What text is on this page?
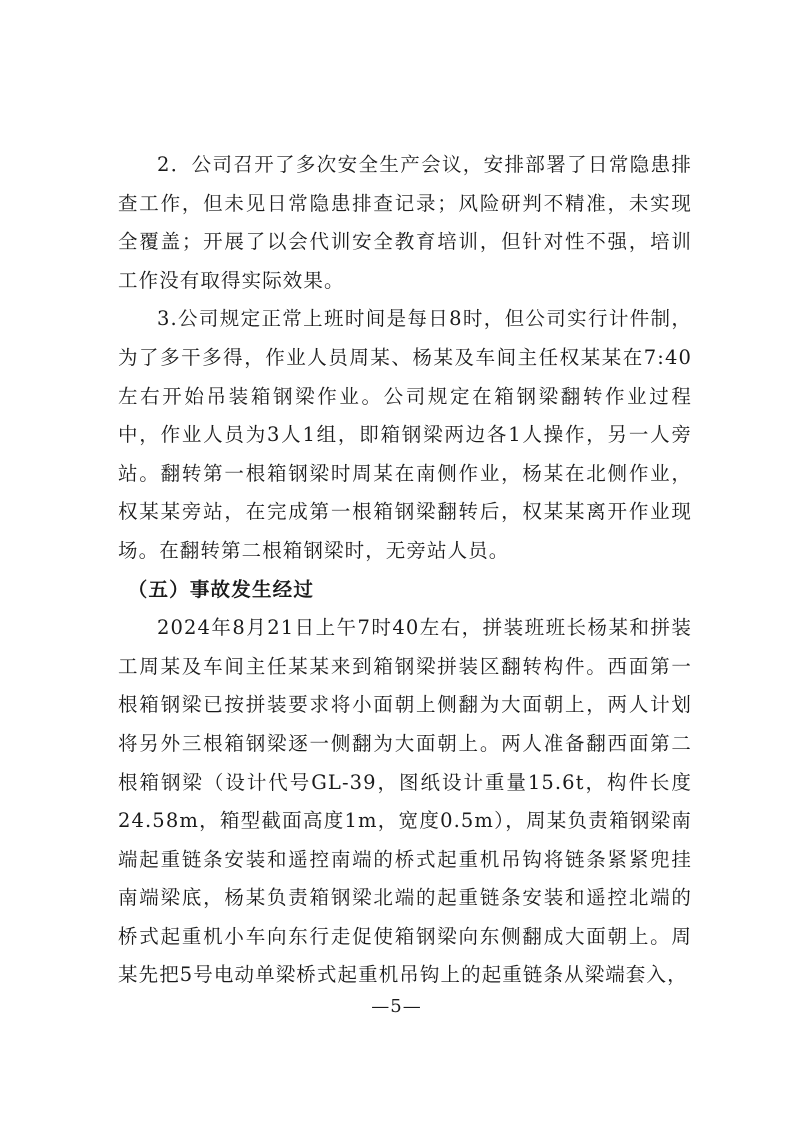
2．公司召开了多次安全生产会议，安排部署了日常隐患排查工作，但未见日常隐患排查记录；风险研判不精准，未实现全覆盖；开展了以会代训安全教育培训，但针对性不强，培训工作没有取得实际效果。

3.公司规定正常上班时间是每日8时，但公司实行计件制，为了多干多得，作业人员周某、杨某及车间主任权某某在7:40左右开始吊装箱钢梁作业。公司规定在箱钢梁翻转作业过程中，作业人员为3人1组，即箱钢梁两边各1人操作，另一人旁站。翻转第一根箱钢梁时周某在南侧作业，杨某在北侧作业，权某某旁站，在完成第一根箱钢梁翻转后，权某某离开作业现场。在翻转第二根箱钢梁时，无旁站人员。

（五）事故发生经过

2024年8月21日上午7时40左右，拼装班班长杨某和拼装工周某及车间主任某某来到箱钢梁拼装区翻转构件。西面第一根箱钢梁已按拼装要求将小面朝上侧翻为大面朝上，两人计划将另外三根箱钢梁逐一侧翻为大面朝上。两人准备翻西面第二根箱钢梁（设计代号GL-39，图纸设计重量15.6t，构件长度24.58m，箱型截面高度1m，宽度0.5m），周某负责箱钢梁南端起重链条安装和遥控南端的桥式起重机吊钩将链条紧紧兜挂南端梁底，杨某负责箱钢梁北端的起重链条安装和遥控北端的桥式起重机小车向东行走促使箱钢梁向东侧翻成大面朝上。周某先把5号电动单梁桥式起重机吊钩上的起重链条从梁端套入，

—5—
